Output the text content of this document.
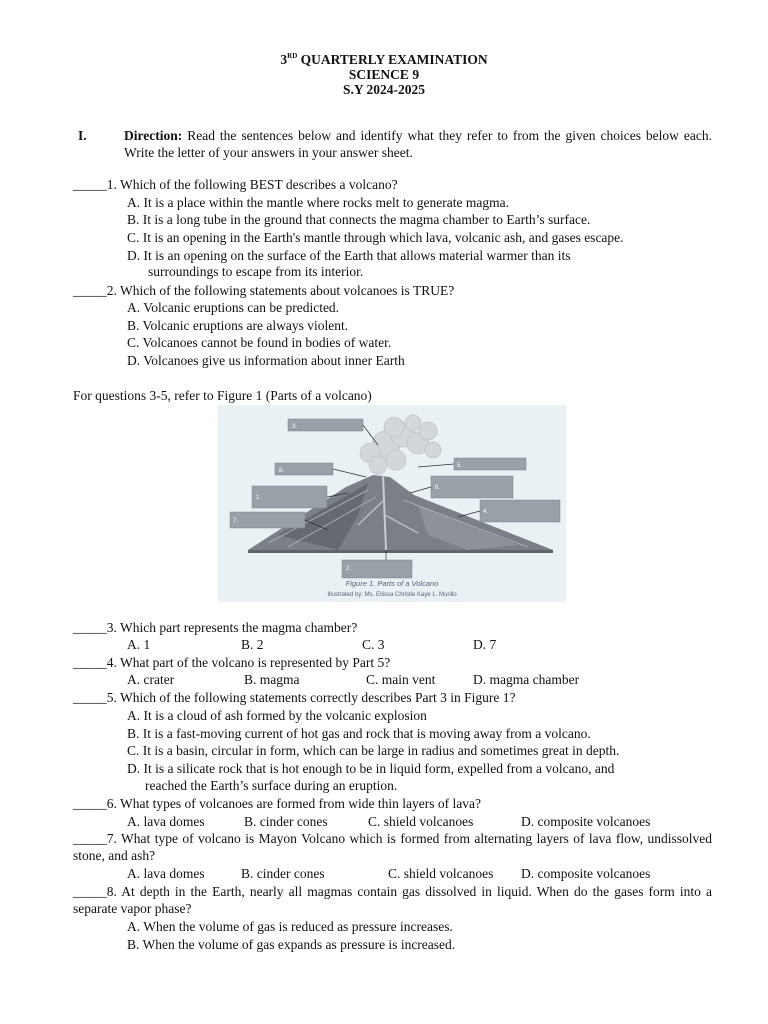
3RD QUARTERLY EXAMINATION
SCIENCE 9
S.Y 2024-2025
I.	Direction: Read the sentences below and identify what they refer to from the given choices below each. Write the letter of your answers in your answer sheet.
_____1. Which of the following BEST describes a volcano?
A. It is a place within the mantle where rocks melt to generate magma.
B. It is a long tube in the ground that connects the magma chamber to Earth’s surface.
C. It is an opening in the Earth's mantle through which lava, volcanic ash, and gases escape.
D. It is an opening on the surface of the Earth that allows material warmer than its
surroundings to escape from its interior.
_____2. Which of the following statements about volcanoes is TRUE?
A. Volcanic eruptions can be predicted.
B. Volcanic eruptions are always violent.
C. Volcanoes cannot be found in bodies of water.
D. Volcanoes give us information about inner Earth
For questions 3-5, refer to Figure 1 (Parts of a volcano)
3.
8.
5.
1.
6.
7.
4.
2.
Figure 1. Parts of a Volcano
Illustrated by: Ms. Ellissa Christie Kaye L. Murillo
_____3. Which part represents the magma chamber?
A. 1	B. 2	C. 3	D. 7
_____4. What part of the volcano is represented by Part 5?
A. crater	B. magma	C. main vent	D. magma chamber
_____5. Which of the following statements correctly describes Part 3 in Figure 1?
A. It is a cloud of ash formed by the volcanic explosion
B. It is a fast-moving current of hot gas and rock that is moving away from a volcano.
C. It is a basin, circular in form, which can be large in radius and sometimes great in depth.
D. It is a silicate rock that is hot enough to be in liquid form, expelled from a volcano, and
reached the Earth’s surface during an eruption.
_____6. What types of volcanoes are formed from wide thin layers of lava?
A. lava domes	B. cinder cones	C. shield volcanoes	D. composite volcanoes
_____7. What type of volcano is Mayon Volcano which is formed from alternating layers of lava flow, undissolved stone, and ash?
A. lava domes	B. cinder cones	C. shield volcanoes D. composite volcanoes
_____8. At depth in the Earth, nearly all magmas contain gas dissolved in liquid. When do the gases form into a separate vapor phase?
A. When the volume of gas is reduced as pressure increases.
B. When the volume of gas expands as pressure is increased.
